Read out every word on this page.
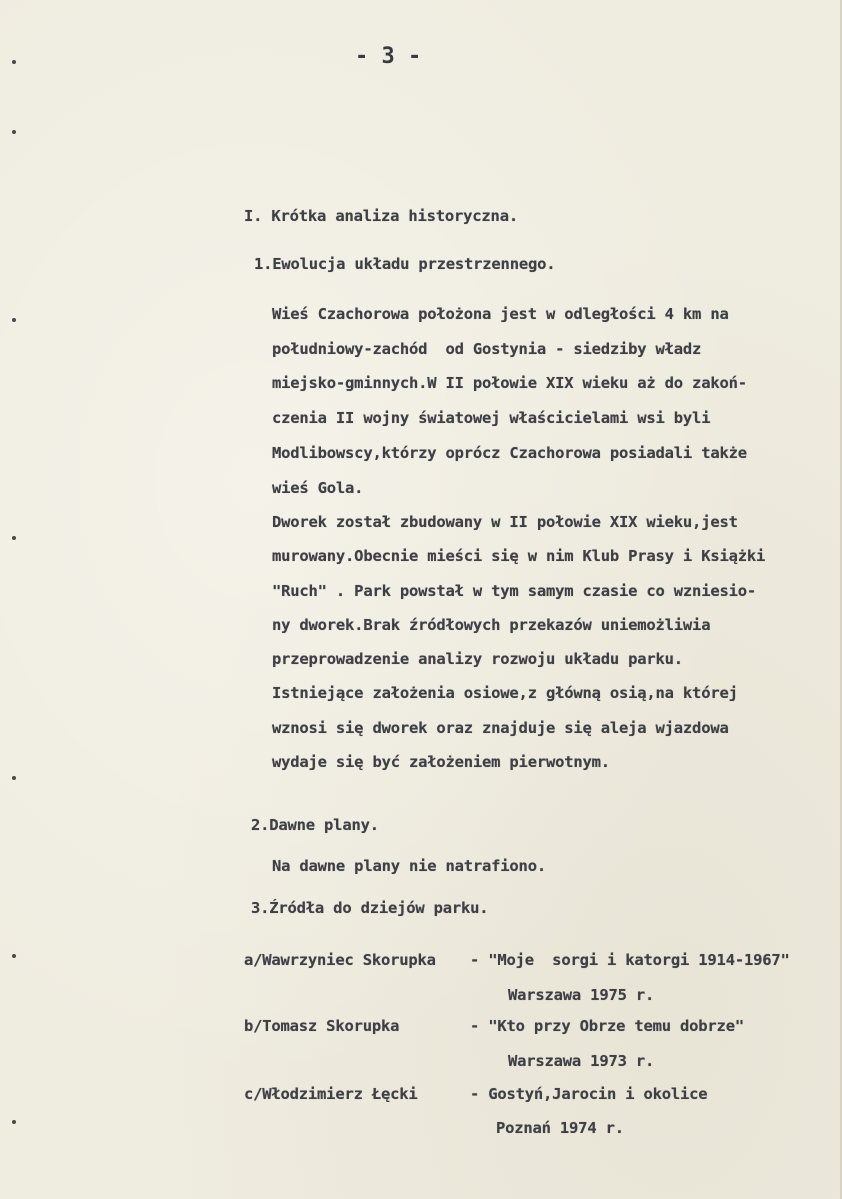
- 3 -
I. Krótka analiza historyczna.
1.Ewolucja układu przestrzennego.
Wieś Czachorowa położona jest w odległości 4 km na
południowy-zachód  od Gostynia - siedziby władz
miejsko-gminnych.W II połowie XIX wieku aż do zakoń-
czenia II wojny światowej właścicielami wsi byli
Modlibowscy,którzy oprócz Czachorowa posiadali także
wieś Gola.
Dworek został zbudowany w II połowie XIX wieku,jest
murowany.Obecnie mieści się w nim Klub Prasy i Książki
"Ruch" . Park powstał w tym samym czasie co wzniesio-
ny dworek.Brak źródłowych przekazów uniemożliwia
przeprowadzenie analizy rozwoju układu parku.
Istniejące założenia osiowe,z główną osią,na której
wznosi się dworek oraz znajduje się aleja wjazdowa
wydaje się być założeniem pierwotnym.
2.Dawne plany.
Na dawne plany nie natrafiono.
3.Źródła do dziejów parku.
a/Wawrzyniec Skorupka - "Moje  sorgi i katorgi 1914-1967"
Warszawa 1975 r.
b/Tomasz Skorupka	- "Kto przy Obrze temu dobrze"
Warszawa 1973 r.
c/Włodzimierz Łęcki	- Gostyń,Jarocin i okolice
Poznań 1974 r.
